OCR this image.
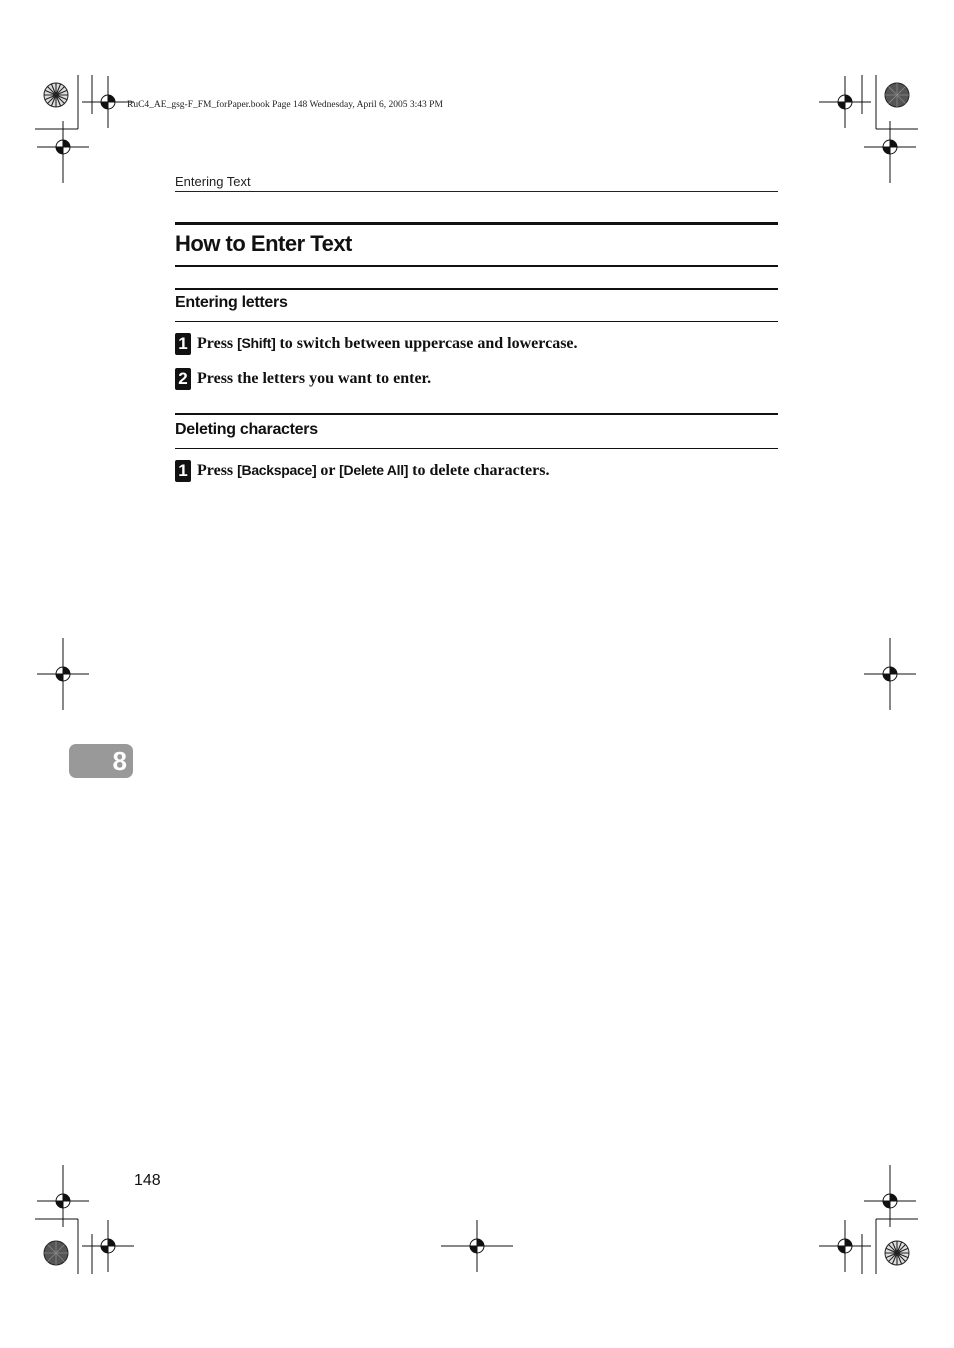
RuC4_AE_gsg-F_FM_forPaper.book Page 148 Wednesday, April 6, 2005 3:43 PM
Entering Text
How to Enter Text
Entering letters
1 Press [Shift] to switch between uppercase and lowercase.
2 Press the letters you want to enter.
Deleting characters
1 Press [Backspace] or [Delete All] to delete characters.
8
148
